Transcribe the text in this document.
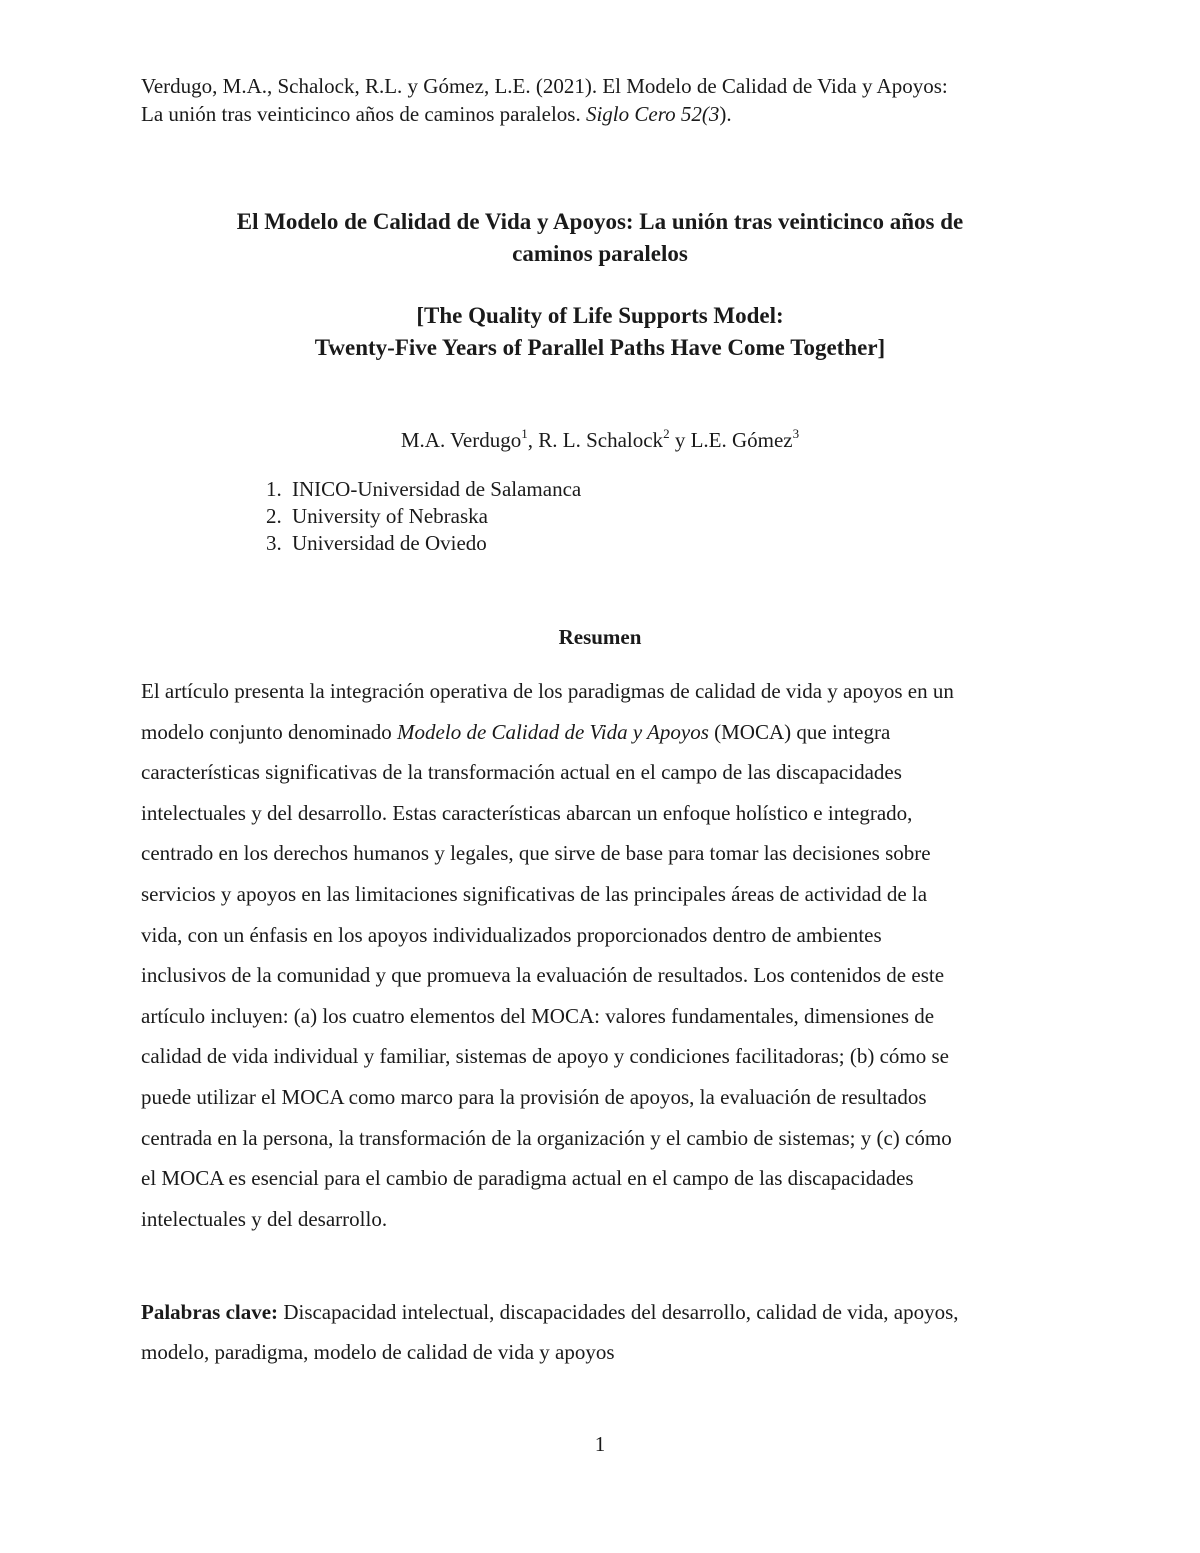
Verdugo, M.A., Schalock, R.L. y Gómez, L.E. (2021). El Modelo de Calidad de Vida y Apoyos:
La unión tras veinticinco años de caminos paralelos. Siglo Cero 52(3).
El Modelo de Calidad de Vida y Apoyos: La unión tras veinticinco años de
caminos paralelos
[The Quality of Life Supports Model:
Twenty-Five Years of Parallel Paths Have Come Together]
M.A. Verdugo$^1$, R. L. Schalock$^2$ y L.E. Gómez$^3$
1. INICO-Universidad de Salamanca
2. University of Nebraska
3. Universidad de Oviedo
Resumen
El artículo presenta la integración operativa de los paradigmas de calidad de vida y apoyos en un
modelo conjunto denominado Modelo de Calidad de Vida y Apoyos (MOCA) que integra
características significativas de la transformación actual en el campo de las discapacidades
intelectuales y del desarrollo. Estas características abarcan un enfoque holístico e integrado,
centrado en los derechos humanos y legales, que sirve de base para tomar las decisiones sobre
servicios y apoyos en las limitaciones significativas de las principales áreas de actividad de la
vida, con un énfasis en los apoyos individualizados proporcionados dentro de ambientes
inclusivos de la comunidad y que promueva la evaluación de resultados. Los contenidos de este
artículo incluyen: (a) los cuatro elementos del MOCA: valores fundamentales, dimensiones de
calidad de vida individual y familiar, sistemas de apoyo y condiciones facilitadoras; (b) cómo se
puede utilizar el MOCA como marco para la provisión de apoyos, la evaluación de resultados
centrada en la persona, la transformación de la organización y el cambio de sistemas; y (c) cómo
el MOCA es esencial para el cambio de paradigma actual en el campo de las discapacidades
intelectuales y del desarrollo.
Palabras clave: Discapacidad intelectual, discapacidades del desarrollo, calidad de vida, apoyos,
modelo, paradigma, modelo de calidad de vida y apoyos
1
